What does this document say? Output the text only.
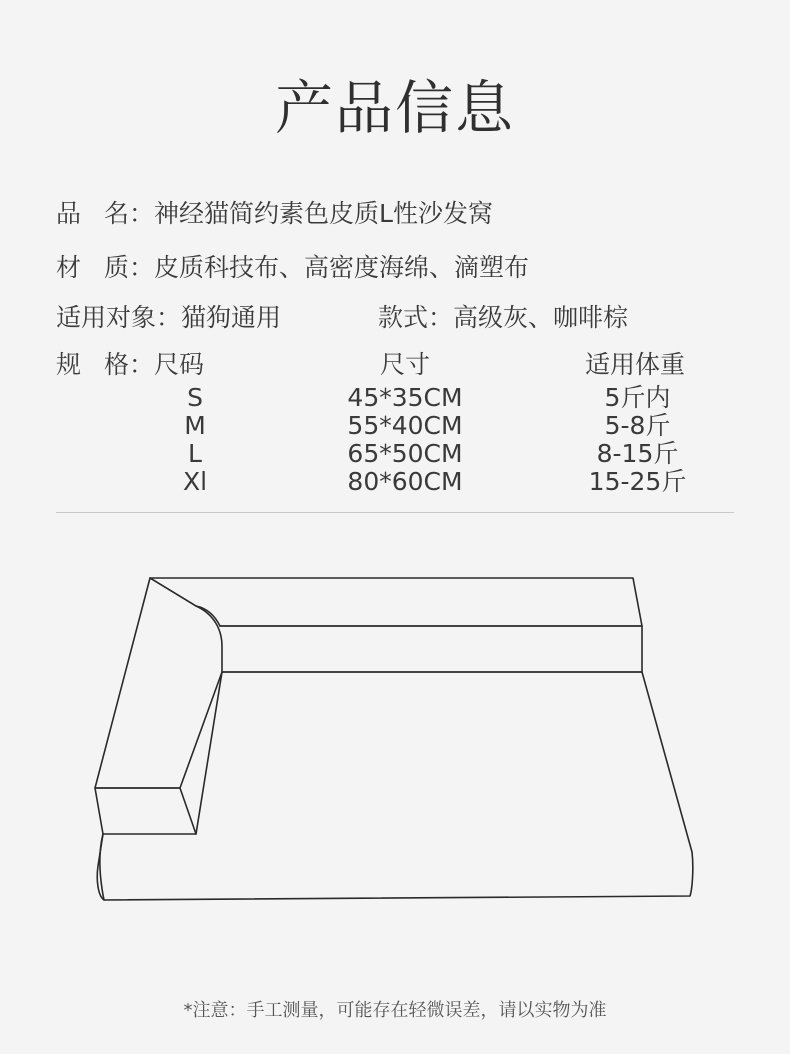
产品信息
品 名：神经猫简约素色皮质L性沙发窝
材 质：皮质科技布、高密度海绵、滴塑布
适用对象：猫狗通用	款式：高级灰、咖啡棕
规 格：尺码	尺寸	适用体重
S	45*35CM	5斤内
M	55*40CM	5-8斤
L	65*50CM	8-15斤
Xl	80*60CM	15-25斤
*注意：手工测量，可能存在轻微误差，请以实物为准
